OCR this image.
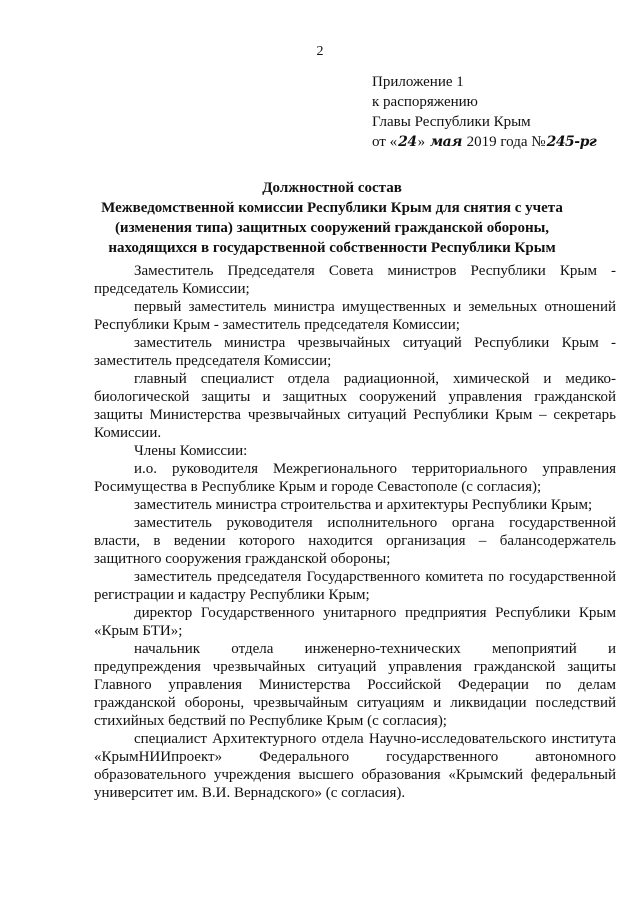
2
Приложение 1
к распоряжению
Главы Республики Крым
от «24» мая 2019 года №245-рг
Должностной состав
Межведомственной комиссии Республики Крым для снятия с учета
(изменения типа) защитных сооружений гражданской обороны,
находящихся в государственной собственности Республики Крым

Заместитель Председателя Совета министров Республики Крым - председатель Комиссии;

первый заместитель министра имущественных и земельных отношений Республики Крым - заместитель председателя Комиссии;

заместитель министра чрезвычайных ситуаций Республики Крым - заместитель председателя Комиссии;

главный специалист отдела радиационной, химической и медико-биологической защиты и защитных сооружений управления гражданской защиты Министерства чрезвычайных ситуаций Республики Крым – секретарь Комиссии.

Члены Комиссии:

и.о. руководителя Межрегионального территориального управления Росимущества в Республике Крым и городе Севастополе (с согласия);

заместитель министра строительства и архитектуры Республики Крым;

заместитель руководителя исполнительного органа государственной власти, в ведении которого находится организация – балансодержатель защитного сооружения гражданской обороны;

заместитель председателя Государственного комитета по государственной регистрации и кадастру Республики Крым;

директор Государственного унитарного предприятия Республики Крым «Крым БТИ»;

начальник отдела инженерно-технических мепоприятий и предупреждения чрезвычайных ситуаций управления гражданской защиты Главного управления Министерства Российской Федерации по делам гражданской обороны, чрезвычайным ситуациям и ликвидации последствий стихийных бедствий по Республике Крым (с согласия);

специалист Архитектурного отдела Научно-исследовательского института «КрымНИИпроект» Федерального государственного автономного образовательного учреждения высшего образования «Крымский федеральный университет им. В.И. Вернадского» (с согласия).
